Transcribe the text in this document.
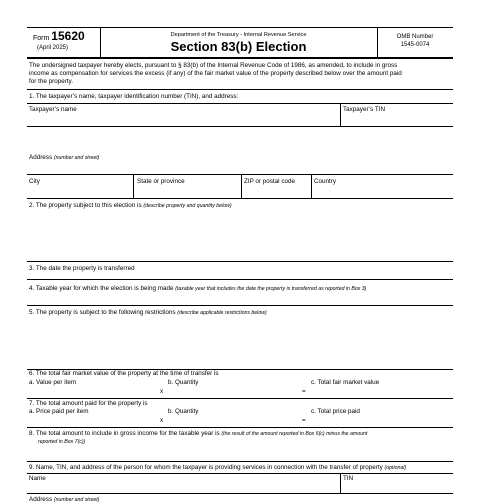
Form 15620
(April 2025)
Department of the Treasury - Internal Revenue Service
Section 83(b) Election
OMB Number
1545-0074
The undersigned taxpayer hereby elects, pursuant to § 83(b) of the Internal Revenue Code of 1986, as amended, to include in gross
income as compensation for services the excess (if any) of the fair market value of the property described below over the amount paid
for the property.
1. The taxpayer’s name, taxpayer identification number (TIN), and address:
Taxpayer’s name	Taxpayer’s TIN
Address (number and street)
City	State or province	ZIP or postal code	Country
2. The property subject to this election is (describe property and quantity below)
3. The date the property is transferred
4. Taxable year for which the election is being made (taxable year that includes the date the property is transferred as reported in Box 3)
5. The property is subject to the following restrictions (describe applicable restrictions below)
6. The total fair market value of the property at the time of transfer is
a. Value per item	b. Quantity	c. Total fair market value
x	=
7. The total amount paid for the property is
a. Price paid per item	b. Quantity	c. Total price paid
x	=
8. The total amount to include in gross income for the taxable year is (the result of the amount reported in Box 6(c) minus the amount
reported in Box 7(c))
9. Name, TIN, and address of the person for whom the taxpayer is providing services in connection with the transfer of property (optional)
Name	TIN
Address (number and street)
